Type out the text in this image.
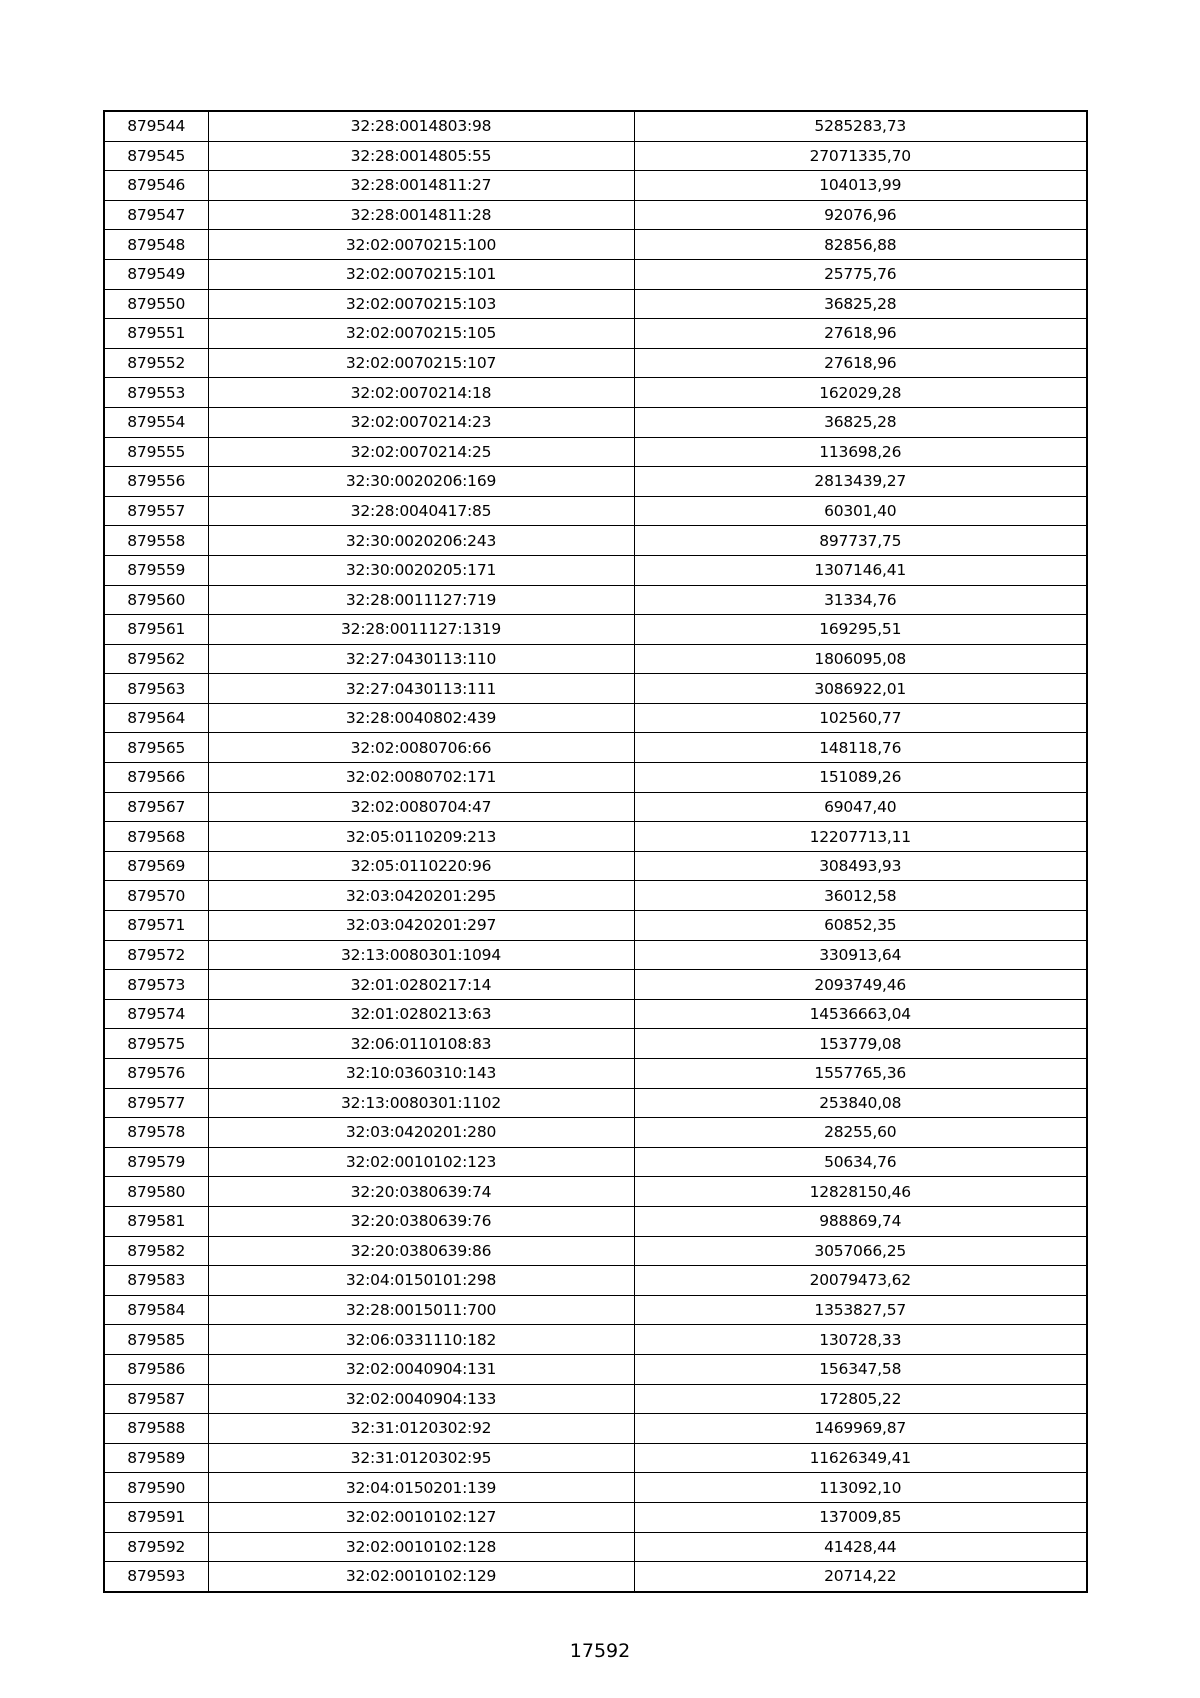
879544	32:28:0014803:98	5285283,73
879545	32:28:0014805:55	27071335,70
879546	32:28:0014811:27	104013,99
879547	32:28:0014811:28	92076,96
879548	32:02:0070215:100	82856,88
879549	32:02:0070215:101	25775,76
879550	32:02:0070215:103	36825,28
879551	32:02:0070215:105	27618,96
879552	32:02:0070215:107	27618,96
879553	32:02:0070214:18	162029,28
879554	32:02:0070214:23	36825,28
879555	32:02:0070214:25	113698,26
879556	32:30:0020206:169	2813439,27
879557	32:28:0040417:85	60301,40
879558	32:30:0020206:243	897737,75
879559	32:30:0020205:171	1307146,41
879560	32:28:0011127:719	31334,76
879561	32:28:0011127:1319	169295,51
879562	32:27:0430113:110	1806095,08
879563	32:27:0430113:111	3086922,01
879564	32:28:0040802:439	102560,77
879565	32:02:0080706:66	148118,76
879566	32:02:0080702:171	151089,26
879567	32:02:0080704:47	69047,40
879568	32:05:0110209:213	12207713,11
879569	32:05:0110220:96	308493,93
879570	32:03:0420201:295	36012,58
879571	32:03:0420201:297	60852,35
879572	32:13:0080301:1094	330913,64
879573	32:01:0280217:14	2093749,46
879574	32:01:0280213:63	14536663,04
879575	32:06:0110108:83	153779,08
879576	32:10:0360310:143	1557765,36
879577	32:13:0080301:1102	253840,08
879578	32:03:0420201:280	28255,60
879579	32:02:0010102:123	50634,76
879580	32:20:0380639:74	12828150,46
879581	32:20:0380639:76	988869,74
879582	32:20:0380639:86	3057066,25
879583	32:04:0150101:298	20079473,62
879584	32:28:0015011:700	1353827,57
879585	32:06:0331110:182	130728,33
879586	32:02:0040904:131	156347,58
879587	32:02:0040904:133	172805,22
879588	32:31:0120302:92	1469969,87
879589	32:31:0120302:95	11626349,41
879590	32:04:0150201:139	113092,10
879591	32:02:0010102:127	137009,85
879592	32:02:0010102:128	41428,44
879593	32:02:0010102:129	20714,22
17592
